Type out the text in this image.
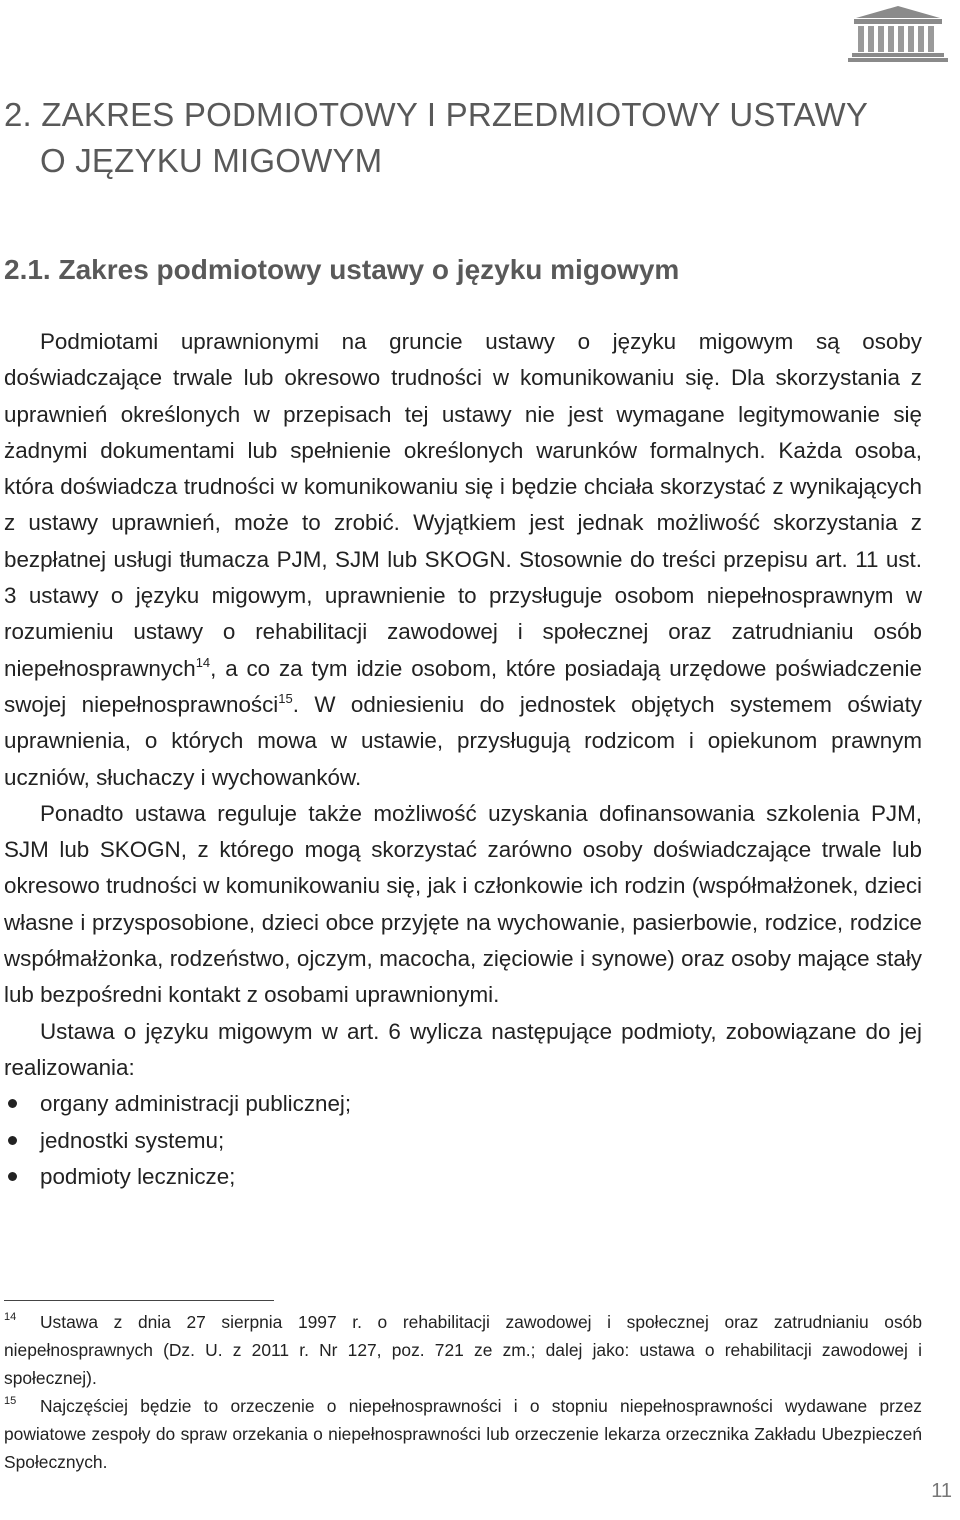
2. ZAKRES PODMIOTOWY I PRZEDMIOTOWY USTAWY
O JĘZYKU MIGOWYM
2.1. Zakres podmiotowy ustawy o języku migowym

Podmiotami uprawnionymi na gruncie ustawy o języku migowym są osoby doświadczające trwale lub okresowo trudności w komunikowaniu się. Dla skorzystania z uprawnień określonych w przepisach tej ustawy nie jest wymagane legitymowanie się żadnymi dokumentami lub spełnienie określonych warunków formalnych. Każda osoba, która doświadcza trudności w komunikowaniu się i będzie chciała skorzystać z wynikających z ustawy uprawnień, może to zrobić. Wyjątkiem jest jednak możliwość skorzystania z bezpłatnej usługi tłumacza PJM, SJM lub SKOGN. Stosownie do treści przepisu art. 11 ust. 3 ustawy o języku migowym, uprawnienie to przysługuje osobom niepełnosprawnym w rozumieniu ustawy o rehabilitacji zawodowej i społecznej oraz zatrudnianiu osób niepełnosprawnych$^{14}$, a co za tym idzie osobom, które posiadają urzędowe poświadczenie swojej niepełnosprawności$^{15}$. W odniesieniu do jednostek objętych systemem oświaty uprawnienia, o których mowa w ustawie, przysługują rodzicom i opiekunom prawnym uczniów, słuchaczy i wychowanków.

Ponadto ustawa reguluje także możliwość uzyskania dofinansowania szkolenia PJM, SJM lub SKOGN, z którego mogą skorzystać zarówno osoby doświadczające trwale lub okresowo trudności w komunikowaniu się, jak i członkowie ich rodzin (współmałżonek, dzieci własne i przysposobione, dzieci obce przyjęte na wychowanie, pasierbowie, rodzice, rodzice współmałżonka, rodzeństwo, ojczym, macocha, zięciowie i synowe) oraz osoby mające stały lub bezpośredni kontakt z osobami uprawnionymi.

Ustawa o języku migowym w art. 6 wylicza następujące podmioty, zobowiązane do jej realizowania:

organy administracji publicznej;
jednostki systemu;
podmioty lecznicze;

14 Ustawa z dnia 27 sierpnia 1997 r. o rehabilitacji zawodowej i społecznej oraz zatrudnianiu osób niepełnosprawnych (Dz. U. z 2011 r. Nr 127, poz. 721 ze zm.; dalej jako: ustawa o rehabilitacji zawodowej i społecznej).

15 Najczęściej będzie to orzeczenie o niepełnosprawności i o stopniu niepełnosprawności wydawane przez powiatowe zespoły do spraw orzekania o niepełnosprawności lub orzeczenie lekarza orzecznika Zakładu Ubezpieczeń Społecznych.

11
